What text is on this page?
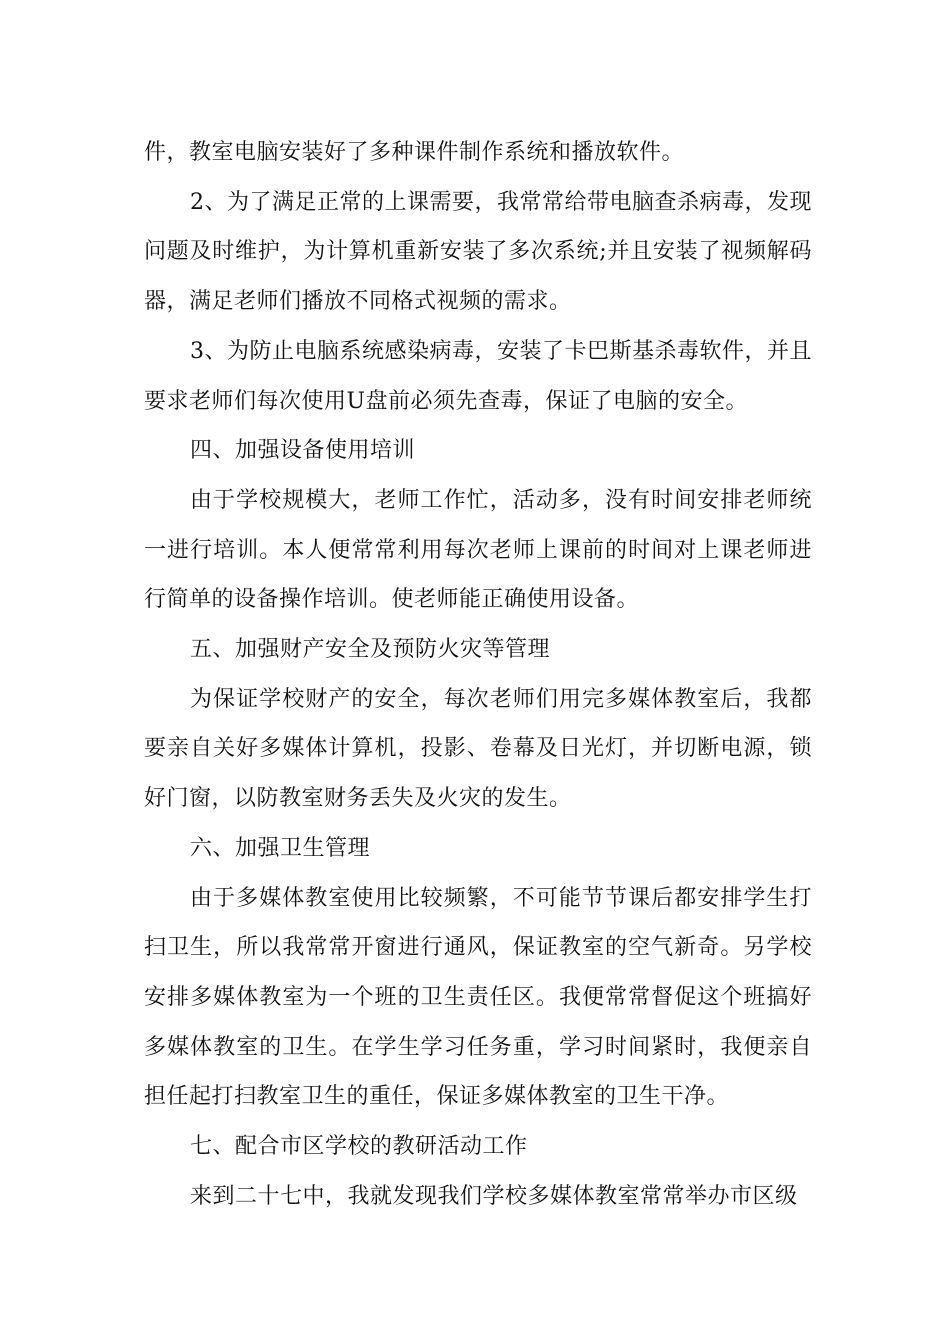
件，教室电脑安装好了多种课件制作系统和播放软件。

2、为了满足正常的上课需要，我常常给带电脑查杀病毒，发现问题及时维护，为计算机重新安装了多次系统;并且安装了视频解码器，满足老师们播放不同格式视频的需求。

3、为防止电脑系统感染病毒，安装了卡巴斯基杀毒软件，并且要求老师们每次使用U盘前必须先查毒，保证了电脑的安全。

四、加强设备使用培训

由于学校规模大，老师工作忙，活动多，没有时间安排老师统一进行培训。本人便常常利用每次老师上课前的时间对上课老师进行简单的设备操作培训。使老师能正确使用设备。

五、加强财产安全及预防火灾等管理

为保证学校财产的安全，每次老师们用完多媒体教室后，我都要亲自关好多媒体计算机，投影、卷幕及日光灯，并切断电源，锁好门窗，以防教室财务丢失及火灾的发生。

六、加强卫生管理

由于多媒体教室使用比较频繁，不可能节节课后都安排学生打扫卫生，所以我常常开窗进行通风，保证教室的空气新奇。另学校安排多媒体教室为一个班的卫生责任区。我便常常督促这个班搞好多媒体教室的卫生。在学生学习任务重，学习时间紧时，我便亲自担任起打扫教室卫生的重任，保证多媒体教室的卫生干净。

七、配合市区学校的教研活动工作

来到二十七中，我就发现我们学校多媒体教室常常举办市区级
